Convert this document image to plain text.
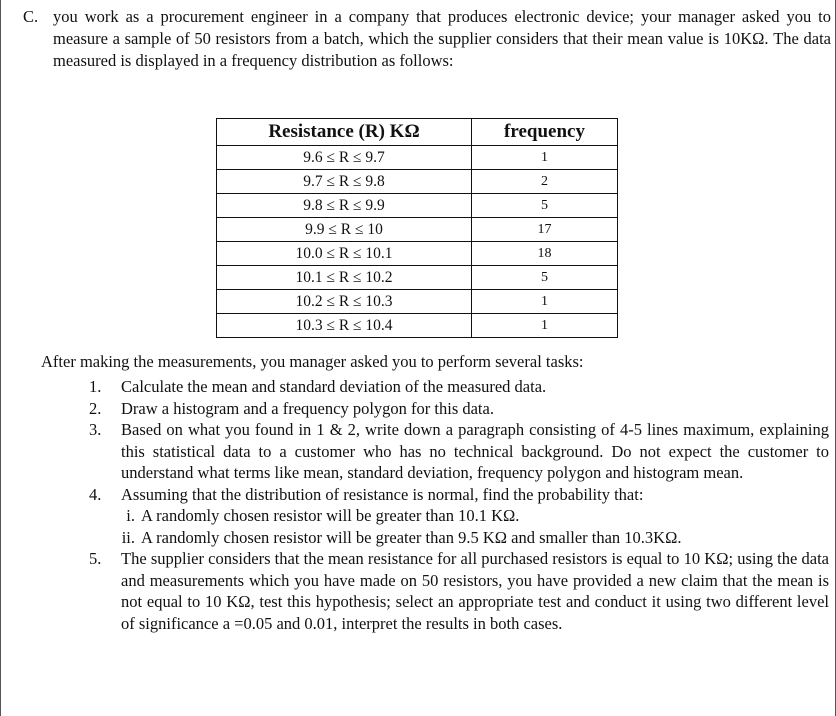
C. you work as a procurement engineer in a company that produces electronic device; your manager asked you to measure a sample of 50 resistors from a batch, which the supplier considers that their mean value is 10KΩ. The data measured is displayed in a frequency distribution as follows:
Resistance (R) KΩ	frequency
9.6 ≤ R ≤ 9.7	1
9.7 ≤ R ≤ 9.8	2
9.8 ≤ R ≤ 9.9	5
9.9 ≤ R ≤ 10	17
10.0 ≤ R ≤ 10.1	18
10.1 ≤ R ≤ 10.2	5
10.2 ≤ R ≤ 10.3	1
10.3 ≤ R ≤ 10.4	1
After making the measurements, you manager asked you to perform several tasks:
1.	Calculate the mean and standard deviation of the measured data.
2.	Draw a histogram and a frequency polygon for this data.
3.	Based on what you found in 1 & 2, write down a paragraph consisting of 4-5 lines maximum, explaining this statistical data to a customer who has no technical background. Do not expect the customer to understand what terms like mean, standard deviation, frequency polygon and histogram mean.
4.	Assuming that the distribution of resistance is normal, find the probability that:
i. A randomly chosen resistor will be greater than 10.1 KΩ.
ii. A randomly chosen resistor will be greater than 9.5 KΩ and smaller than 10.3KΩ.
5.	The supplier considers that the mean resistance for all purchased resistors is equal to 10 KΩ; using the data and measurements which you have made on 50 resistors, you have provided a new claim that the mean is not equal to 10 KΩ, test this hypothesis; select an appropriate test and conduct it using two different level of significance a =0.05 and 0.01, interpret the results in both cases.
